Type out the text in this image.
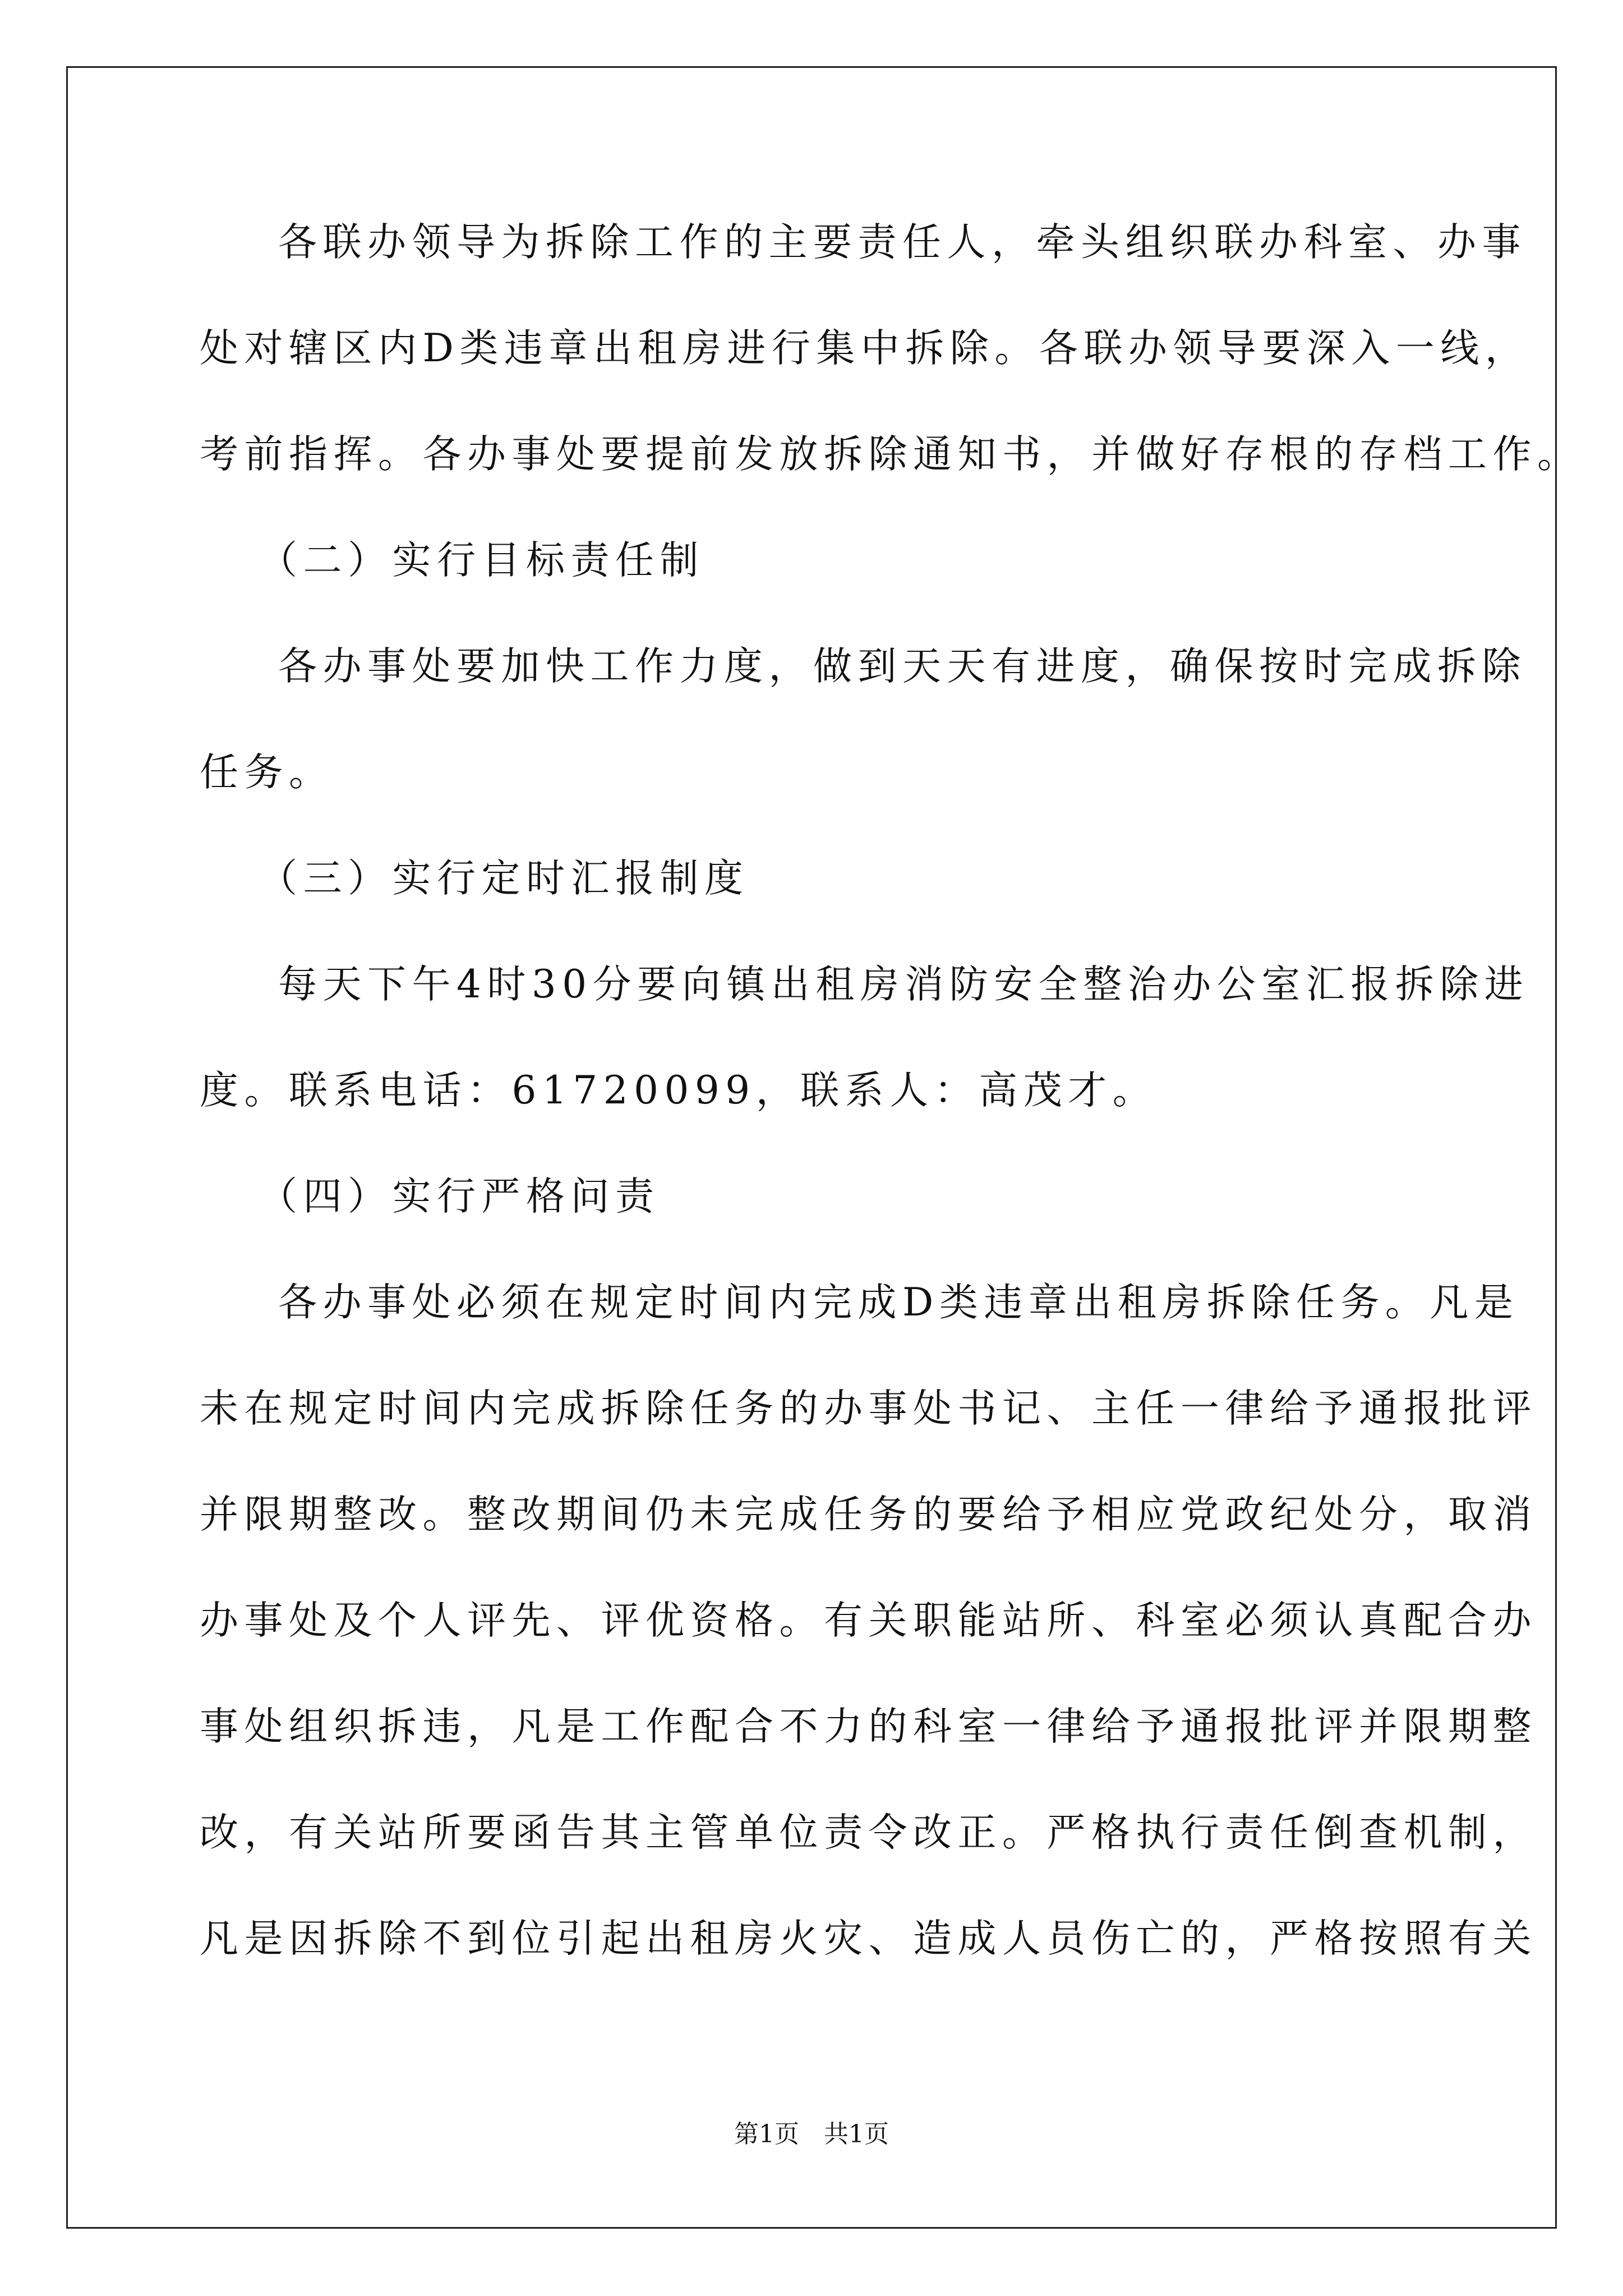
各联办领导为拆除工作的主要责任人，牵头组织联办科室、办事
处对辖区内D类违章出租房进行集中拆除。各联办领导要深入一线，
考前指挥。各办事处要提前发放拆除通知书，并做好存根的存档工作。
（二）实行目标责任制
各办事处要加快工作力度，做到天天有进度，确保按时完成拆除
任务。
（三）实行定时汇报制度
每天下午4时30分要向镇出租房消防安全整治办公室汇报拆除进
度。联系电话：61720099，联系人：高茂才。
（四）实行严格问责
各办事处必须在规定时间内完成D类违章出租房拆除任务。凡是
未在规定时间内完成拆除任务的办事处书记、主任一律给予通报批评
并限期整改。整改期间仍未完成任务的要给予相应党政纪处分，取消
办事处及个人评先、评优资格。有关职能站所、科室必须认真配合办
事处组织拆违，凡是工作配合不力的科室一律给予通报批评并限期整
改，有关站所要函告其主管单位责令改正。严格执行责任倒查机制，
凡是因拆除不到位引起出租房火灾、造成人员伤亡的，严格按照有关
第1页　共1页
